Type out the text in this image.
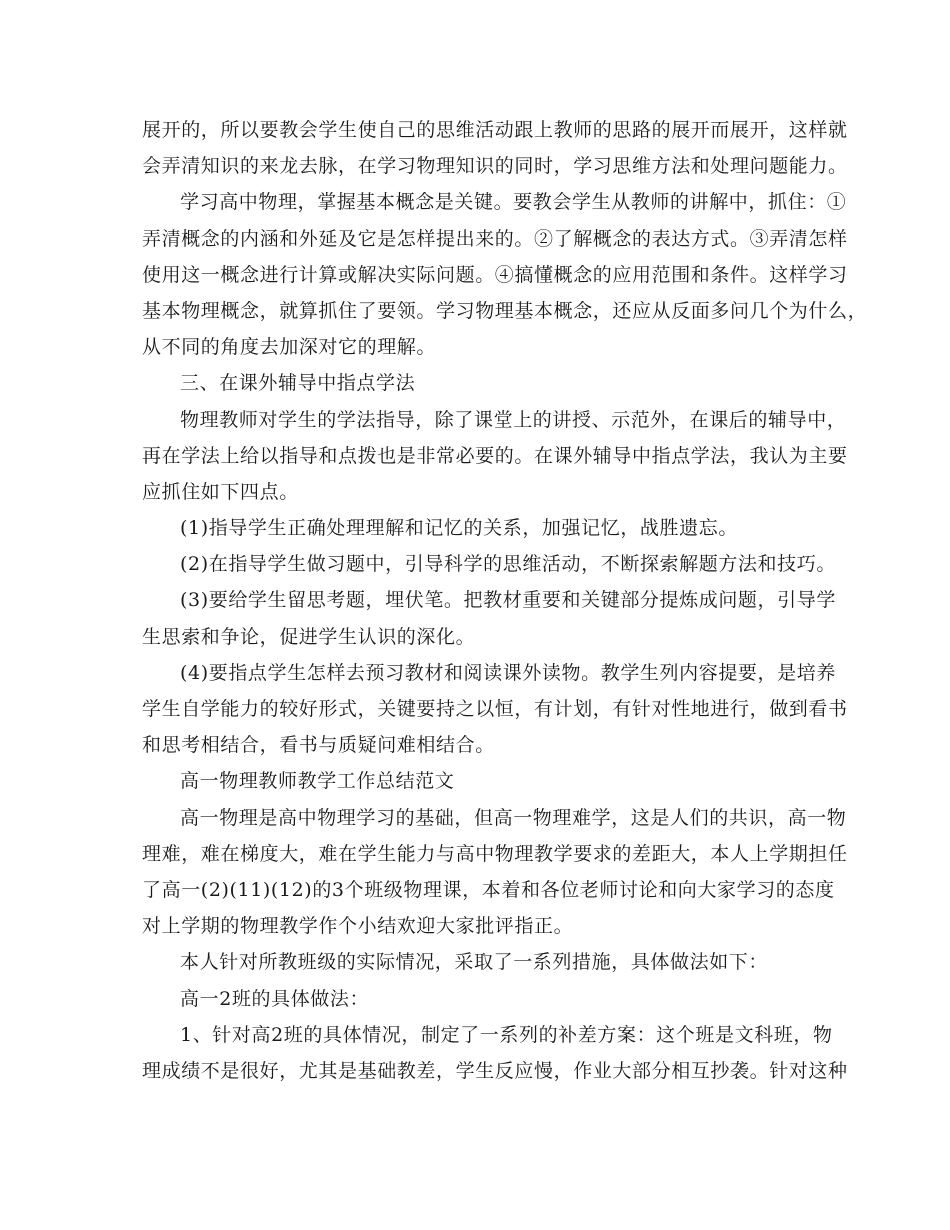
展开的，所以要教会学生使自己的思维活动跟上教师的思路的展开而展开，这样就
会弄清知识的来龙去脉，在学习物理知识的同时，学习思维方法和处理问题能力。
学习高中物理，掌握基本概念是关键。要教会学生从教师的讲解中，抓住：①
弄清概念的内涵和外延及它是怎样提出来的。②了解概念的表达方式。③弄清怎样
使用这一概念进行计算或解决实际问题。④搞懂概念的应用范围和条件。这样学习
基本物理概念，就算抓住了要领。学习物理基本概念，还应从反面多问几个为什么，
从不同的角度去加深对它的理解。
三、在课外辅导中指点学法
物理教师对学生的学法指导，除了课堂上的讲授、示范外，在课后的辅导中，
再在学法上给以指导和点拨也是非常必要的。在课外辅导中指点学法，我认为主要
应抓住如下四点。
(1)指导学生正确处理理解和记忆的关系，加强记忆，战胜遗忘。
(2)在指导学生做习题中，引导科学的思维活动，不断探索解题方法和技巧。
(3)要给学生留思考题，埋伏笔。把教材重要和关键部分提炼成问题，引导学
生思索和争论，促进学生认识的深化。
(4)要指点学生怎样去预习教材和阅读课外读物。教学生列内容提要，是培养
学生自学能力的较好形式，关键要持之以恒，有计划，有针对性地进行，做到看书
和思考相结合，看书与质疑问难相结合。
高一物理教师教学工作总结范文
高一物理是高中物理学习的基础，但高一物理难学，这是人们的共识，高一物
理难，难在梯度大，难在学生能力与高中物理教学要求的差距大，本人上学期担任
了高一(2)(11)(12)的3个班级物理课，本着和各位老师讨论和向大家学习的态度
对上学期的物理教学作个小结欢迎大家批评指正。
本人针对所教班级的实际情况，采取了一系列措施，具体做法如下：
高一2班的具体做法：
1、针对高2班的具体情况，制定了一系列的补差方案：这个班是文科班，物
理成绩不是很好，尤其是基础教差，学生反应慢，作业大部分相互抄袭。针对这种
